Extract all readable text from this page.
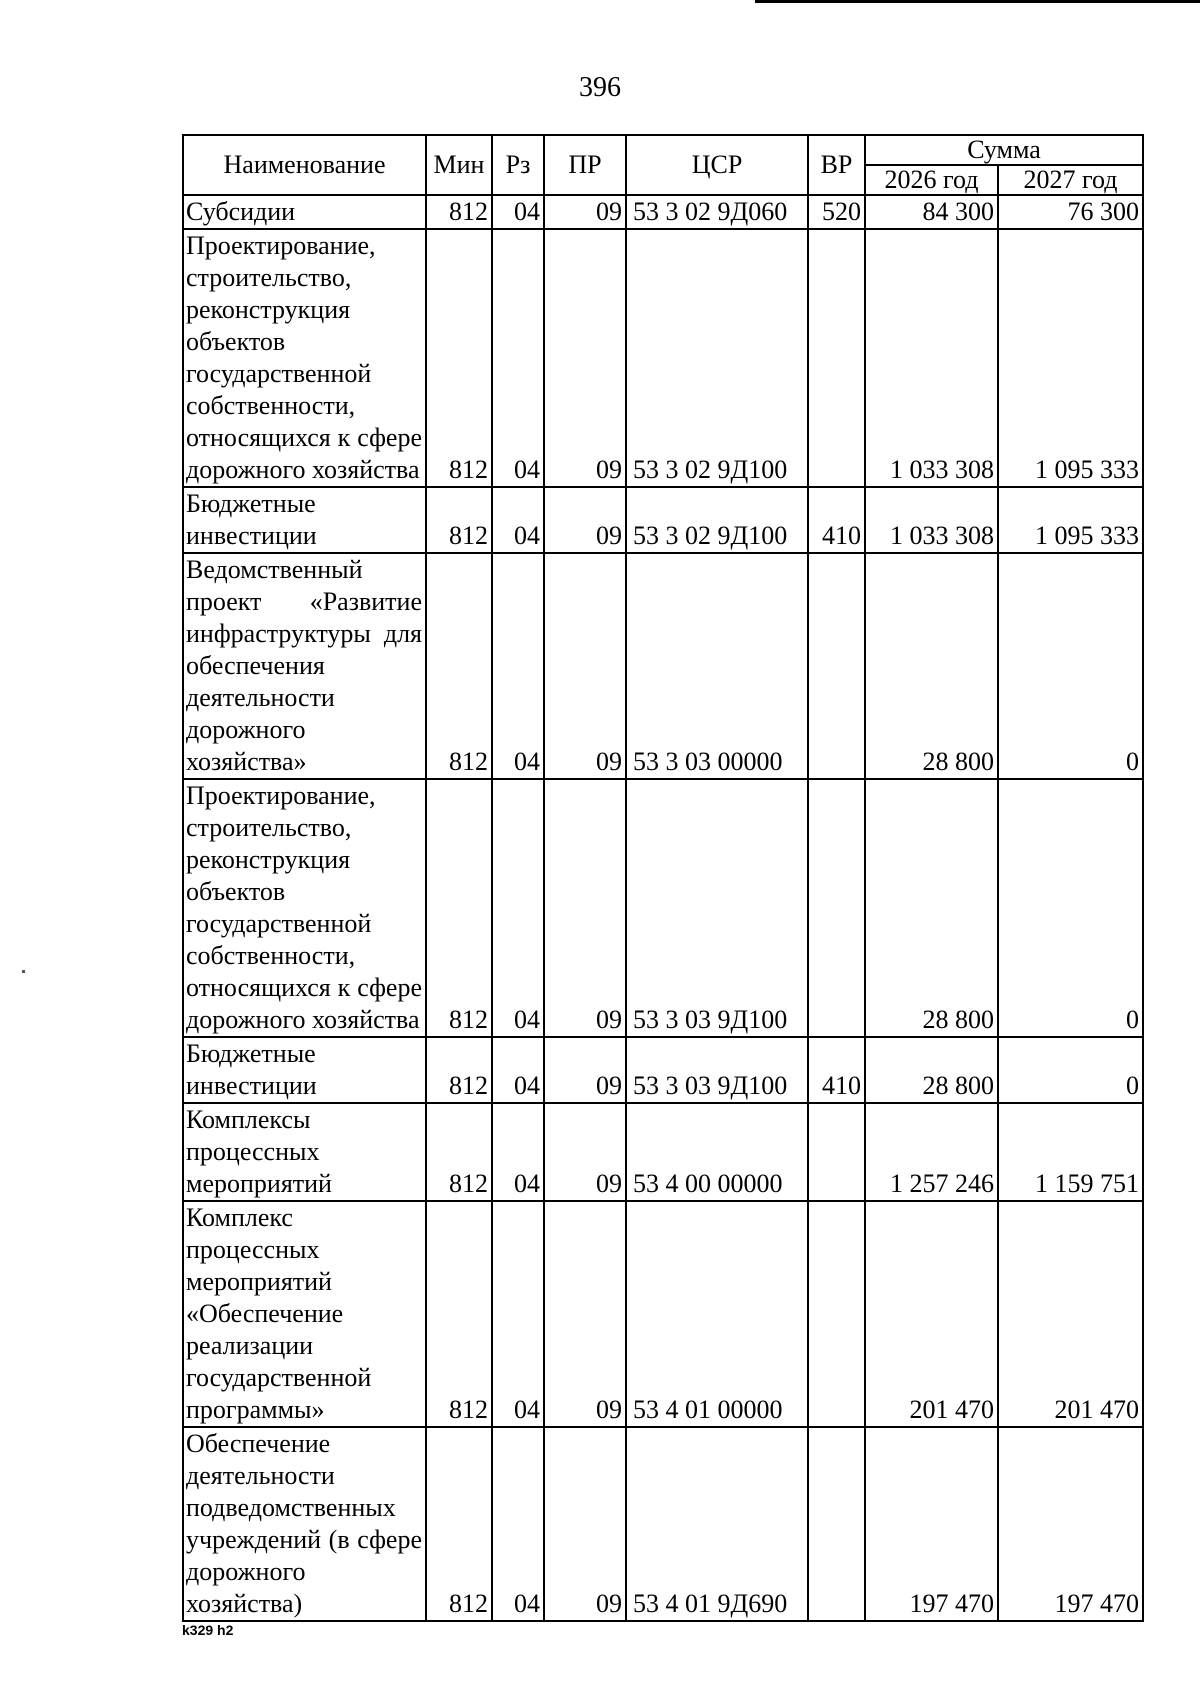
396
Наименование	Мин	Рз	ПР	ЦСР	ВР	Сумма	
						2026 год	2027 год
Субсидии	812	04	09	53 3 02 9Д060	520	84 300	76 300
Проектирование, строительство, реконструкция объектов государственной собственности, относящихся к сфере дорожного хозяйства	812	04	09	53 3 02 9Д100		1 033 308	1 095 333
Бюджетные инвестиции	812	04	09	53 3 02 9Д100	410	1 033 308	1 095 333
Ведомственный проект «Развитие инфраструктуры для обеспечения деятельности дорожного хозяйства»	812	04	09	53 3 03 00000		28 800	0
Проектирование, строительство, реконструкция объектов государственной собственности, относящихся к сфере дорожного хозяйства	812	04	09	53 3 03 9Д100		28 800	0
Бюджетные инвестиции	812	04	09	53 3 03 9Д100	410	28 800	0
Комплексы процессных мероприятий	812	04	09	53 4 00 00000		1 257 246	1 159 751
Комплекс процессных мероприятий «Обеспечение реализации государственной программы»	812	04	09	53 4 01 00000		201 470	201 470
Обеспечение деятельности подведомственных учреждений (в сфере дорожного хозяйства)	812	04	09	53 4 01 9Д690		197 470	197 470
k329 h2
